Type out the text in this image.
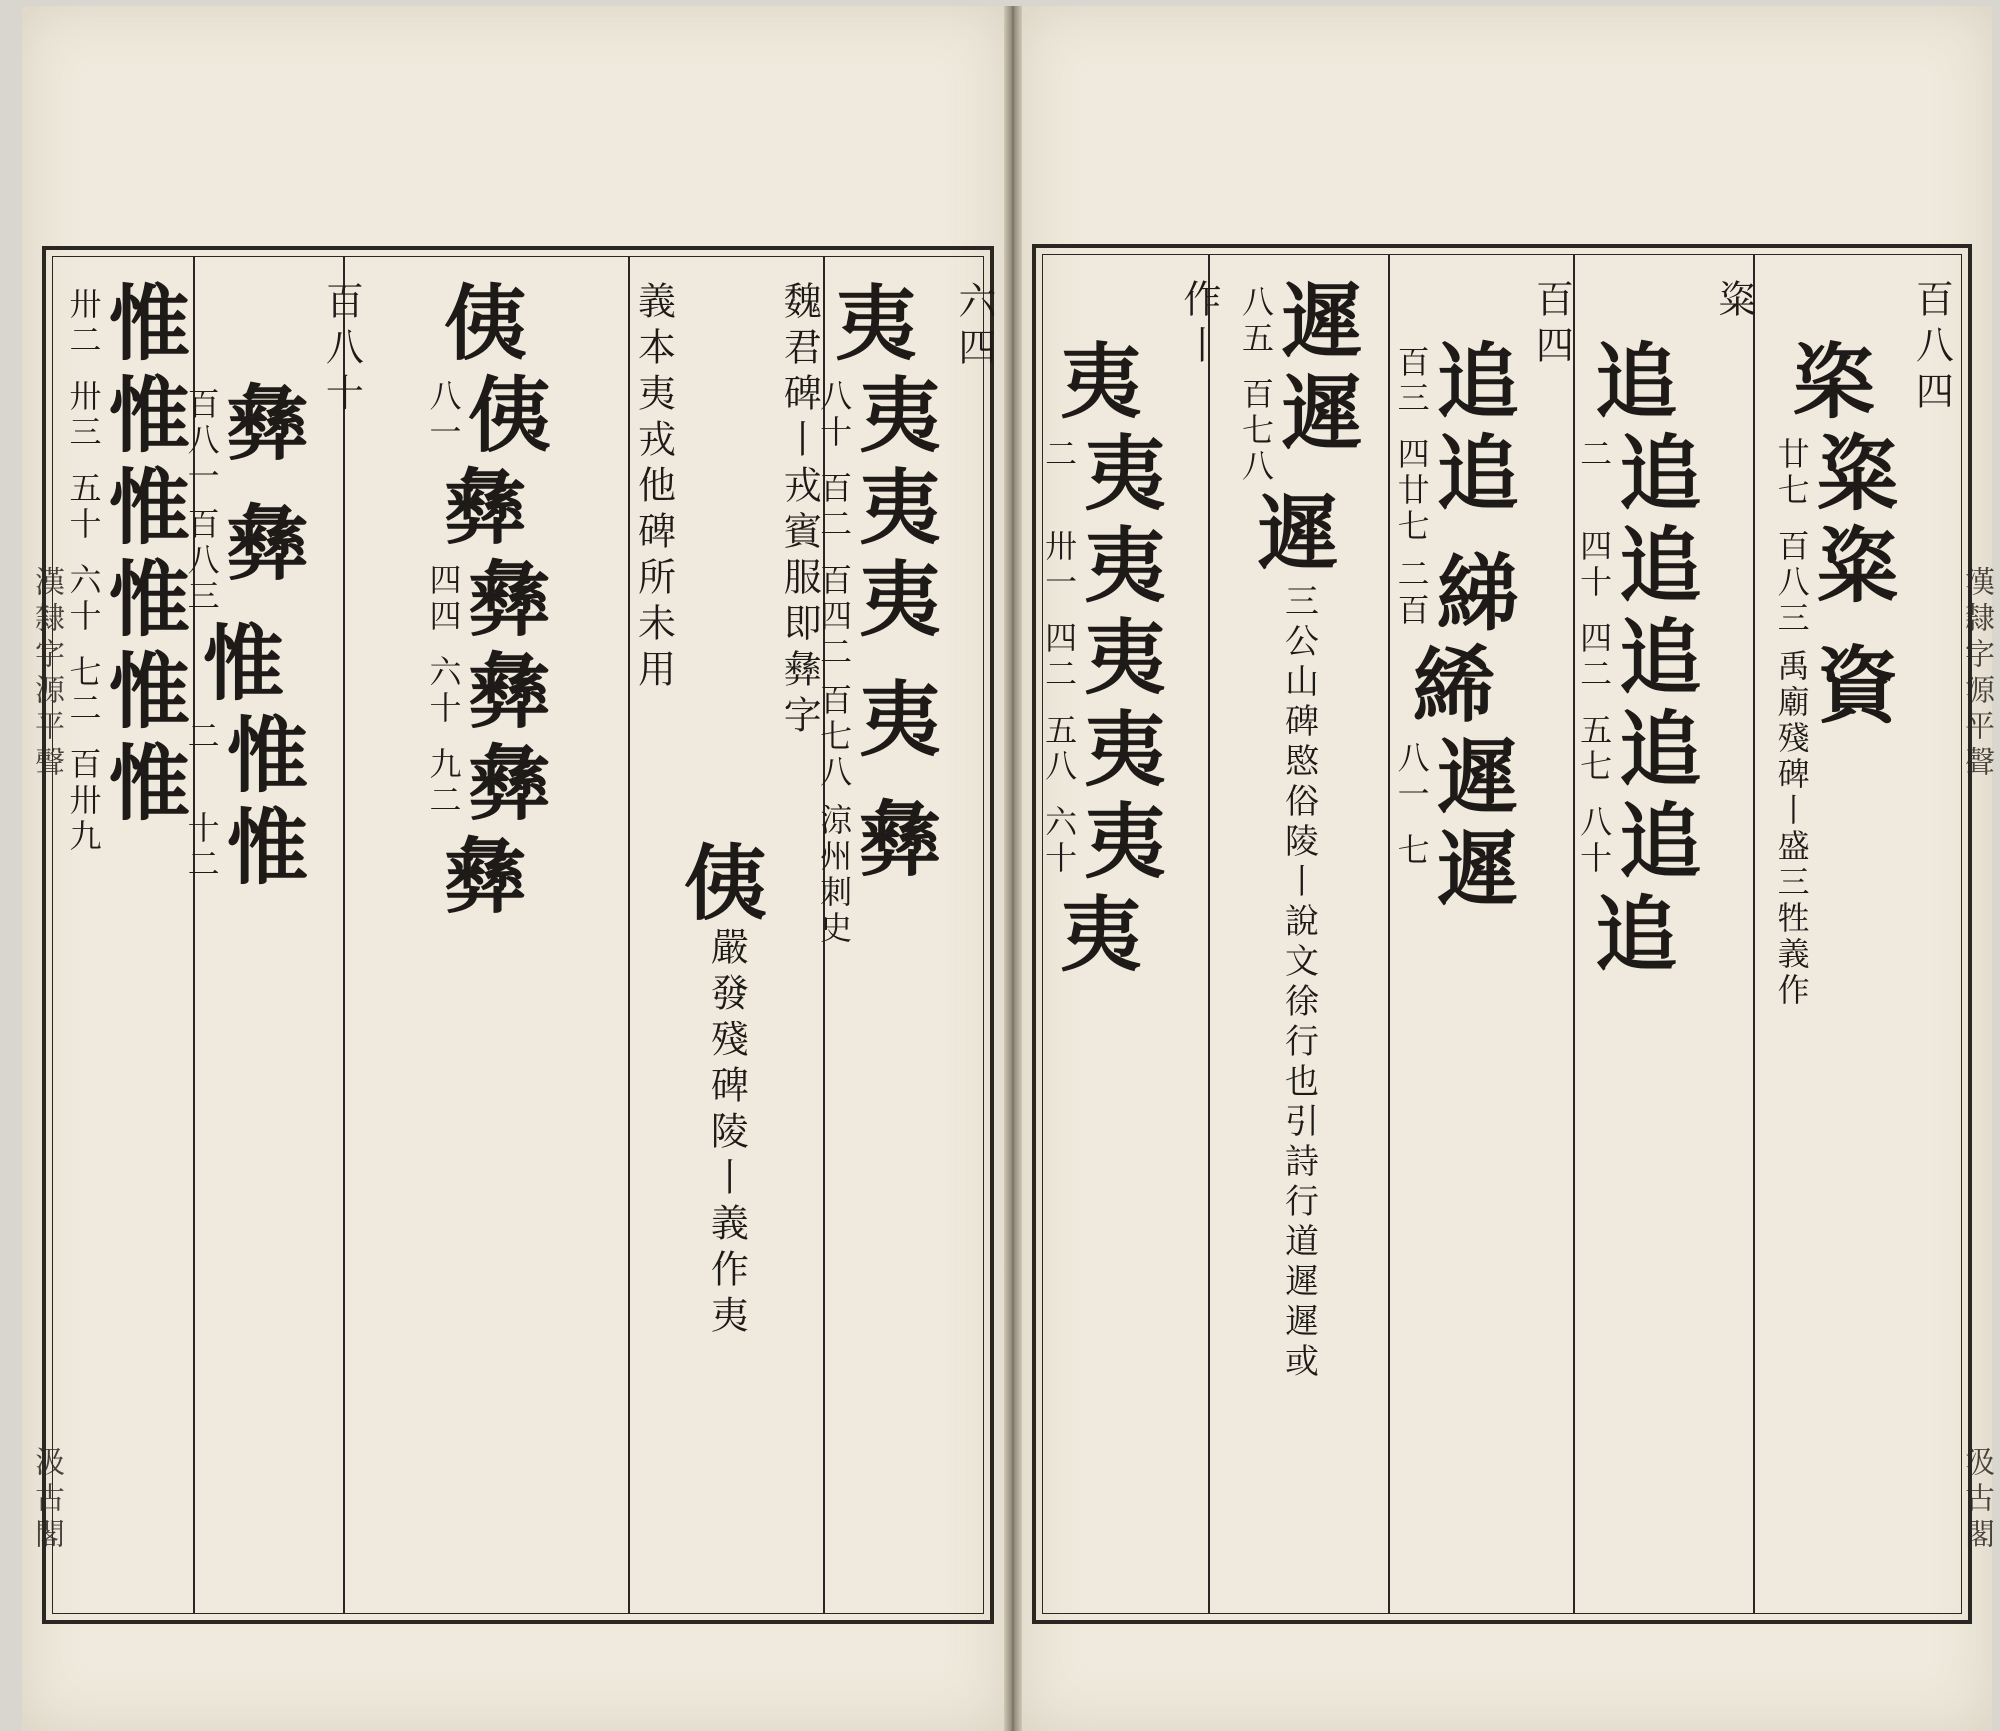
六四
夷
夷
八十
夷
百二
夷
百四二
夷
百七八
彝
涼州刺史
魏君碑丨戎賓服即彝字
侇
嚴發殘碑陵丨義作夷
義本夷戎他碑所未用
侇
侇
八一
彝
彝
四四
彝
六十
彝
九二
彝
百八十
彝
百八一
彝
百八三
惟
惟
二
惟
十二
惟
卅二
惟
卅三
惟
五十
惟
六十
惟
七二
惟
百卅九
漢隸字源平聲
汲古閣
百八四
栥
粢
廿七
粢
百八三
資
禹廟殘碑丨盛三牲義作
粢
追
追
二
追
四十
追
四二
追
五七
追
八十
追
百四
追
百三
追
四廿七
綈
二百
絺
遲
八一
遲
七
遲
八五
遲
百七八
遲
三公山碑愍俗陵丨說文徐行也引詩行道遲遲或
作丨
夷
夷
二
夷
卅一
夷
四二
夷
五八
夷
六十
夷
漢隸字源平聲
汲古閣
